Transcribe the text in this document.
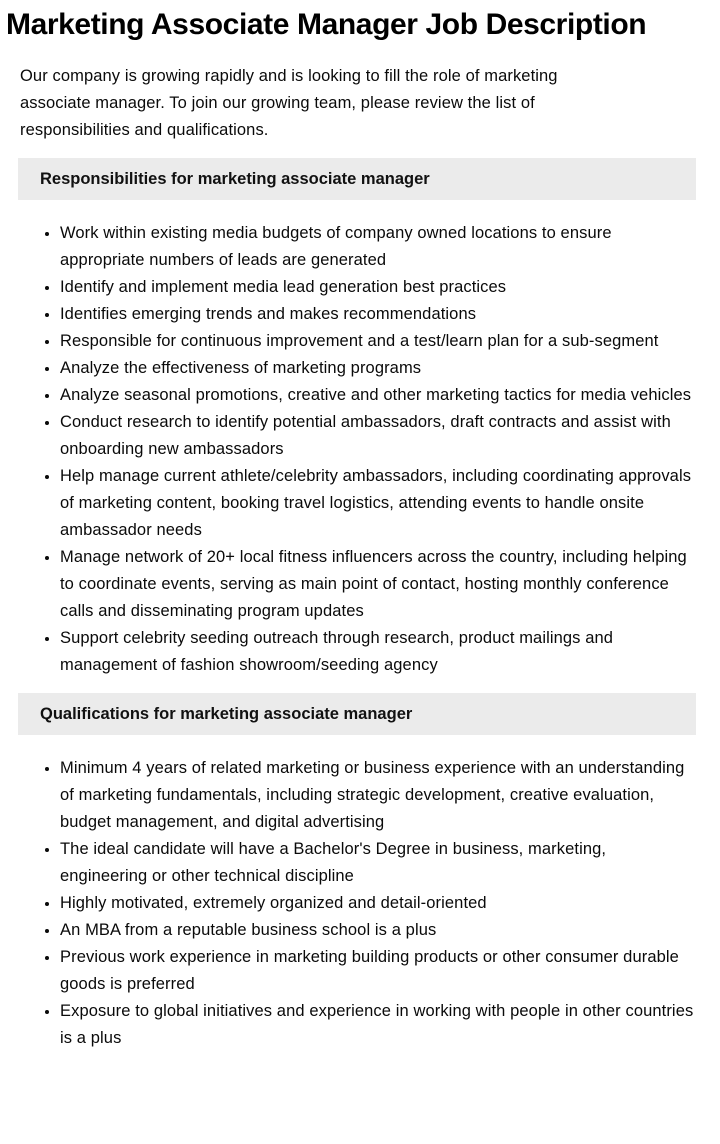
Marketing Associate Manager Job Description

Our company is growing rapidly and is looking to fill the role of marketing associate manager. To join our growing team, please review the list of responsibilities and qualifications.

Responsibilities for marketing associate manager
• Work within existing media budgets of company owned locations to ensure appropriate numbers of leads are generated
• Identify and implement media lead generation best practices
• Identifies emerging trends and makes recommendations
• Responsible for continuous improvement and a test/learn plan for a sub-segment
• Analyze the effectiveness of marketing programs
• Analyze seasonal promotions, creative and other marketing tactics for media vehicles
• Conduct research to identify potential ambassadors, draft contracts and assist with onboarding new ambassadors
• Help manage current athlete/celebrity ambassadors, including coordinating approvals of marketing content, booking travel logistics, attending events to handle onsite ambassador needs
• Manage network of 20+ local fitness influencers across the country, including helping to coordinate events, serving as main point of contact, hosting monthly conference calls and disseminating program updates
• Support celebrity seeding outreach through research, product mailings and management of fashion showroom/seeding agency
Qualifications for marketing associate manager
• Minimum 4 years of related marketing or business experience with an understanding of marketing fundamentals, including strategic development, creative evaluation, budget management, and digital advertising
• The ideal candidate will have a Bachelor's Degree in business, marketing, engineering or other technical discipline
• Highly motivated, extremely organized and detail-oriented
• An MBA from a reputable business school is a plus
• Previous work experience in marketing building products or other consumer durable goods is preferred
• Exposure to global initiatives and experience in working with people in other countries is a plus
